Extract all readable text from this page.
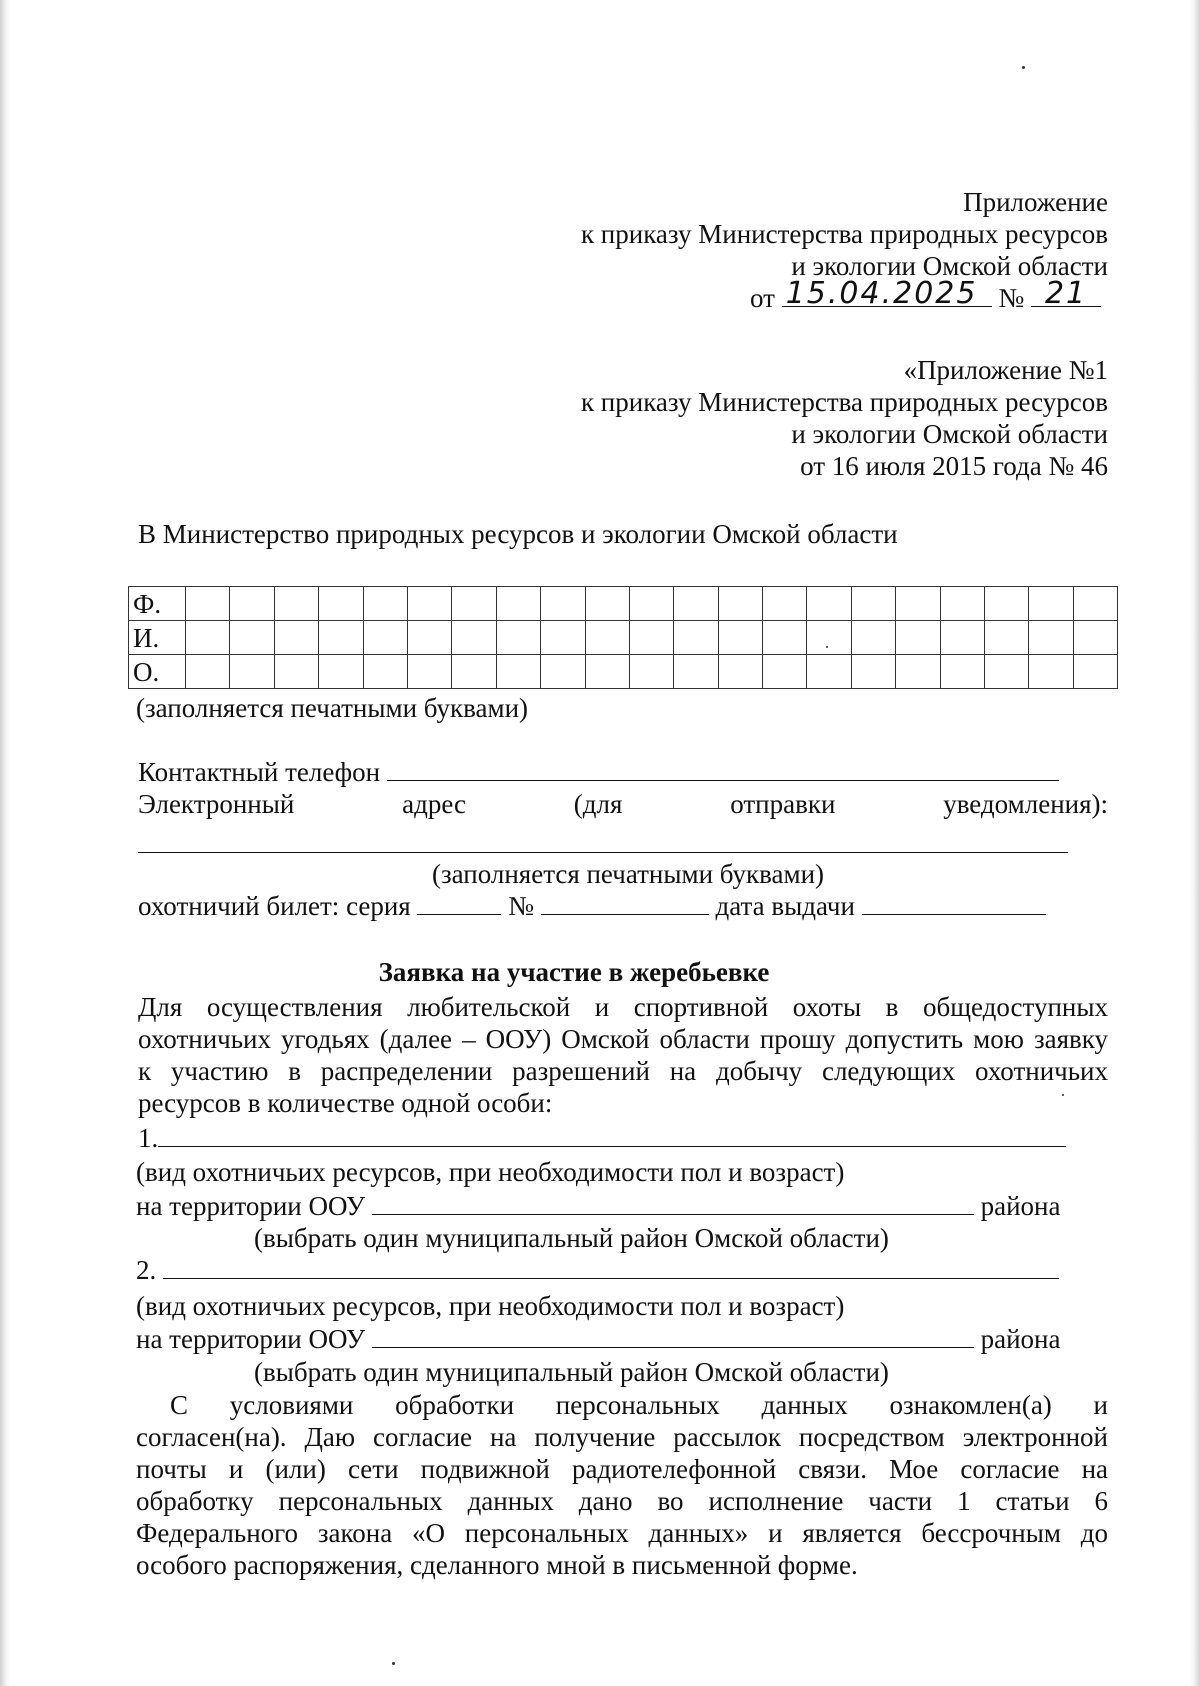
Приложение
к приказу Министерства природных ресурсов
и экологии Омской области
от 15.04.2025 № 21
«Приложение №1
к приказу Министерства природных ресурсов
и экологии Омской области
от 16 июля 2015 года № 46
В Министерство природных ресурсов и экологии Омской области
Ф.																					
И.																					
О.																					
(заполняется печатными буквами)
Контактный телефон
Электронный	адрес	(для	отправки	уведомления):
(заполняется печатными буквами)
охотничий билет: серия	№	дата выдачи
Заявка на участие в жеребьевке
Для осуществления любительской и спортивной охоты в общедоступных
охотничьих угодьях (далее – ООУ) Омской области прошу допустить мою заявку
к участию в распределении разрешений на добычу следующих охотничьих
ресурсов в количестве одной особи:
1.
(вид охотничьих ресурсов, при необходимости пол и возраст)
на территории ООУ	района
(выбрать один муниципальный район Омской области)
2.
(вид охотничьих ресурсов, при необходимости пол и возраст)
на территории ООУ	района
(выбрать один муниципальный район Омской области)
С условиями обработки персональных данных ознакомлен(а) и
согласен(на). Даю согласие на получение рассылок посредством электронной
почты и (или) сети подвижной радиотелефонной связи. Мое согласие на
обработку персональных данных дано во исполнение части 1 статьи 6
Федерального закона «О персональных данных» и является бессрочным до
особого распоряжения, сделанного мной в письменной форме.
